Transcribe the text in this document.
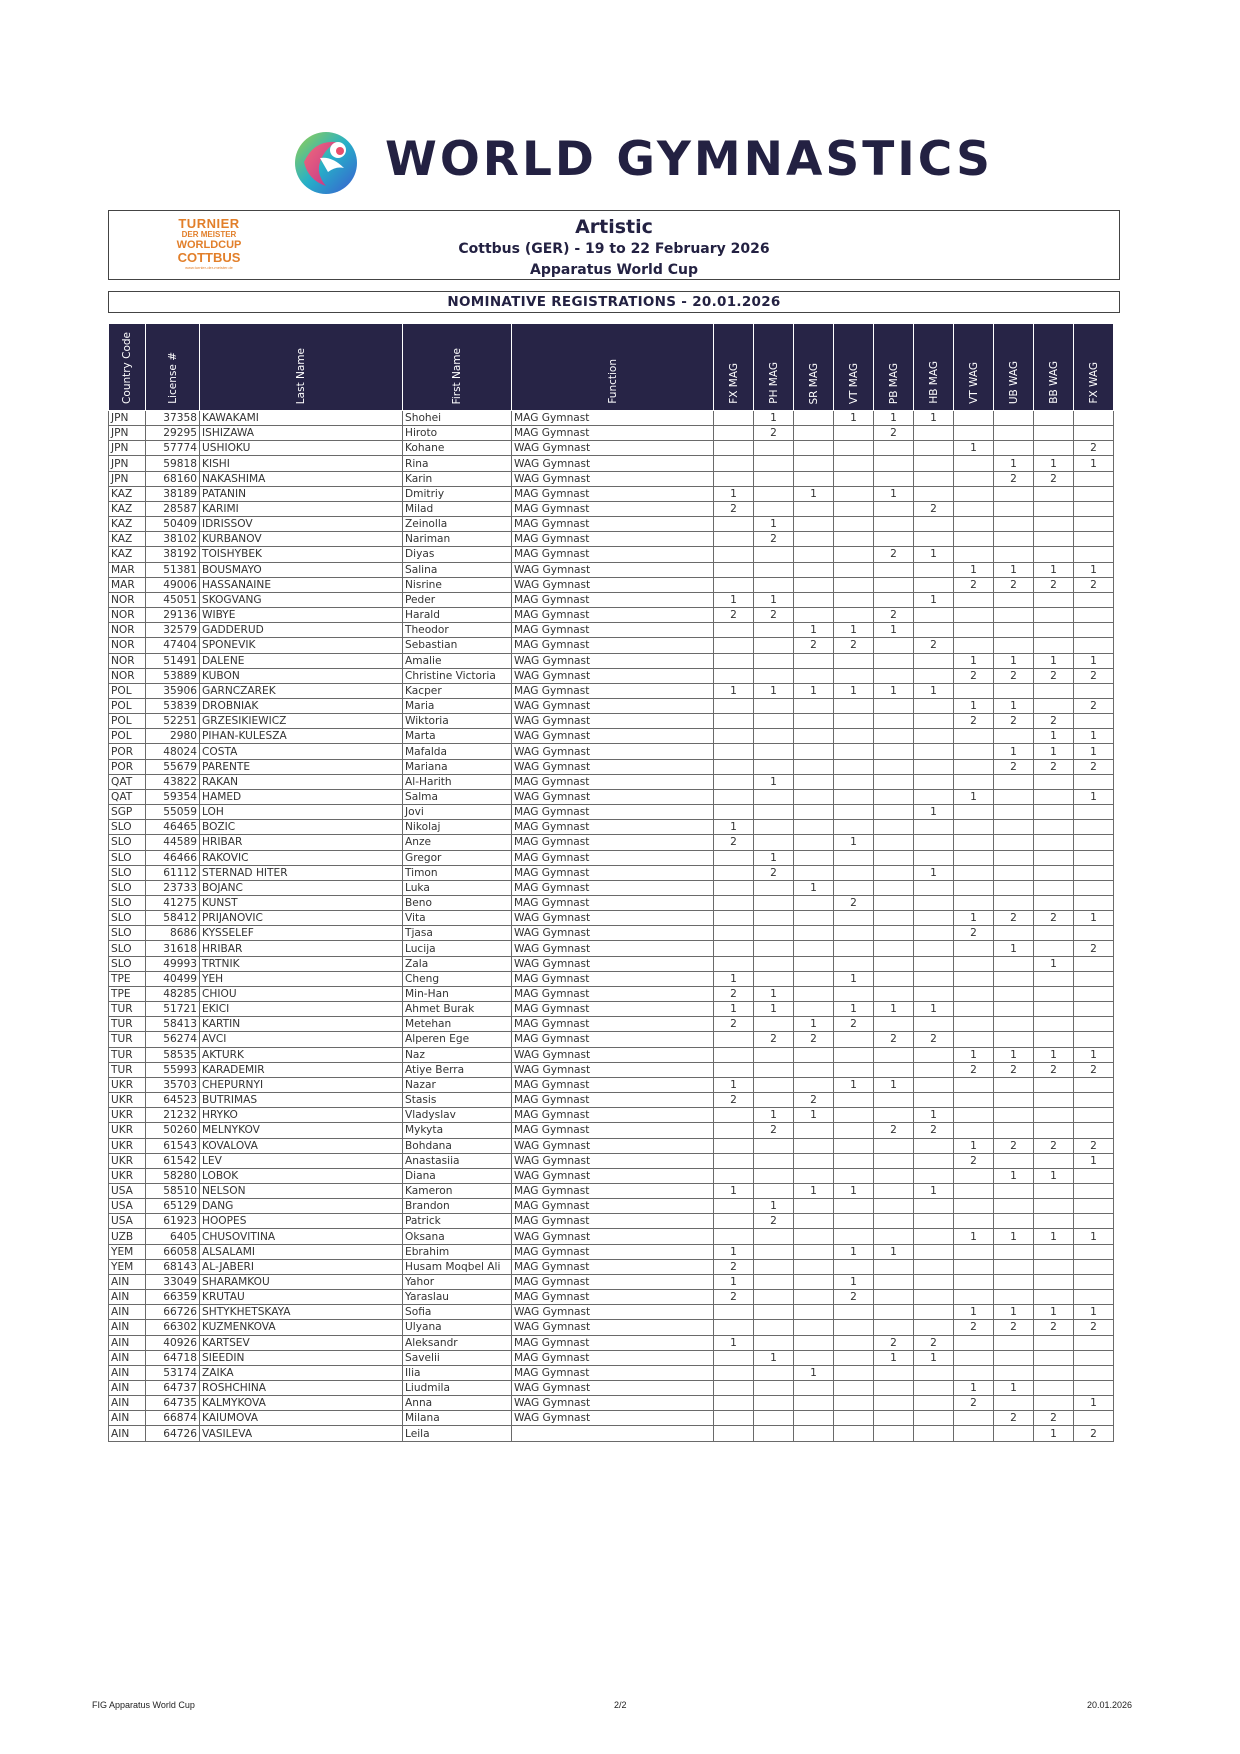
WORLD GYMNASTICS
Artistic
Cottbus (GER) - 19 to 22 February 2026
Apparatus World Cup
TURNIER
DER MEISTER
WORLDCUP
COTTBUS
www.turnier-der-meister.de
NOMINATIVE REGISTRATIONS - 20.01.2026
Country Code	License #	Last Name	First Name	Function	FX MAG	PH MAG	SR MAG	VT MAG	PB MAG	HB MAG	VT WAG	UB WAG	BB WAG	FX WAG
JPN	37358	KAWAKAMI	Shohei	MAG Gymnast		1		1	1	1				
JPN	29295	ISHIZAWA	Hiroto	MAG Gymnast		2			2					
JPN	57774	USHIOKU	Kohane	WAG Gymnast							1			2
JPN	59818	KISHI	Rina	WAG Gymnast								1	1	1
JPN	68160	NAKASHIMA	Karin	WAG Gymnast								2	2	
KAZ	38189	PATANIN	Dmitriy	MAG Gymnast	1		1		1					
KAZ	28587	KARIMI	Milad	MAG Gymnast	2					2				
KAZ	50409	IDRISSOV	Zeinolla	MAG Gymnast		1								
KAZ	38102	KURBANOV	Nariman	MAG Gymnast		2								
KAZ	38192	TOISHYBEK	Diyas	MAG Gymnast					2	1				
MAR	51381	BOUSMAYO	Salina	WAG Gymnast							1	1	1	1
MAR	49006	HASSANAINE	Nisrine	WAG Gymnast							2	2	2	2
NOR	45051	SKOGVANG	Peder	MAG Gymnast	1	1				1				
NOR	29136	WIBYE	Harald	MAG Gymnast	2	2			2					
NOR	32579	GADDERUD	Theodor	MAG Gymnast			1	1	1					
NOR	47404	SPONEVIK	Sebastian	MAG Gymnast			2	2		2				
NOR	51491	DALENE	Amalie	WAG Gymnast							1	1	1	1
NOR	53889	KUBON	Christine Victoria	WAG Gymnast							2	2	2	2
POL	35906	GARNCZAREK	Kacper	MAG Gymnast	1	1	1	1	1	1				
POL	53839	DROBNIAK	Maria	WAG Gymnast							1	1		2
POL	52251	GRZESIKIEWICZ	Wiktoria	WAG Gymnast							2	2	2	
POL	2980	PIHAN-KULESZA	Marta	WAG Gymnast									1	1
POR	48024	COSTA	Mafalda	WAG Gymnast								1	1	1
POR	55679	PARENTE	Mariana	WAG Gymnast								2	2	2
QAT	43822	RAKAN	Al-Harith	MAG Gymnast		1								
QAT	59354	HAMED	Salma	WAG Gymnast							1			1
SGP	55059	LOH	Jovi	MAG Gymnast						1				
SLO	46465	BOZIC	Nikolaj	MAG Gymnast	1									
SLO	44589	HRIBAR	Anze	MAG Gymnast	2			1						
SLO	46466	RAKOVIC	Gregor	MAG Gymnast		1								
SLO	61112	STERNAD HITER	Timon	MAG Gymnast		2				1				
SLO	23733	BOJANC	Luka	MAG Gymnast			1							
SLO	41275	KUNST	Beno	MAG Gymnast				2						
SLO	58412	PRIJANOVIC	Vita	WAG Gymnast							1	2	2	1
SLO	8686	KYSSELEF	Tjasa	WAG Gymnast							2			
SLO	31618	HRIBAR	Lucija	WAG Gymnast								1		2
SLO	49993	TRTNIK	Zala	WAG Gymnast									1	
TPE	40499	YEH	Cheng	MAG Gymnast	1			1						
TPE	48285	CHIOU	Min-Han	MAG Gymnast	2	1								
TUR	51721	EKICI	Ahmet Burak	MAG Gymnast	1	1		1	1	1				
TUR	58413	KARTIN	Metehan	MAG Gymnast	2		1	2						
TUR	56274	AVCI	Alperen Ege	MAG Gymnast		2	2		2	2				
TUR	58535	AKTURK	Naz	WAG Gymnast							1	1	1	1
TUR	55993	KARADEMIR	Atiye Berra	WAG Gymnast							2	2	2	2
UKR	35703	CHEPURNYI	Nazar	MAG Gymnast	1			1	1					
UKR	64523	BUTRIMAS	Stasis	MAG Gymnast	2		2							
UKR	21232	HRYKO	Vladyslav	MAG Gymnast		1	1			1				
UKR	50260	MELNYKOV	Mykyta	MAG Gymnast		2			2	2				
UKR	61543	KOVALOVA	Bohdana	WAG Gymnast							1	2	2	2
UKR	61542	LEV	Anastasiia	WAG Gymnast							2			1
UKR	58280	LOBOK	Diana	WAG Gymnast								1	1	
USA	58510	NELSON	Kameron	MAG Gymnast	1		1	1		1				
USA	65129	DANG	Brandon	MAG Gymnast		1								
USA	61923	HOOPES	Patrick	MAG Gymnast		2								
UZB	6405	CHUSOVITINA	Oksana	WAG Gymnast							1	1	1	1
YEM	66058	ALSALAMI	Ebrahim	MAG Gymnast	1			1	1					
YEM	68143	AL-JABERI	Husam Moqbel Ali	MAG Gymnast	2									
AIN	33049	SHARAMKOU	Yahor	MAG Gymnast	1			1						
AIN	66359	KRUTAU	Yaraslau	MAG Gymnast	2			2						
AIN	66726	SHTYKHETSKAYA	Sofia	WAG Gymnast							1	1	1	1
AIN	66302	KUZMENKOVA	Ulyana	WAG Gymnast							2	2	2	2
AIN	40926	KARTSEV	Aleksandr	MAG Gymnast	1				2	2				
AIN	64718	SIEEDIN	Savelii	MAG Gymnast		1			1	1				
AIN	53174	ZAIKA	Ilia	MAG Gymnast			1							
AIN	64737	ROSHCHINA	Liudmila	WAG Gymnast							1	1		
AIN	64735	KALMYKOVA	Anna	WAG Gymnast							2			1
AIN	66874	KAIUMOVA	Milana	WAG Gymnast								2	2	
AIN	64726	VASILEVA	Leila										1	2
FIG Apparatus World Cup	2/2	20.01.2026
